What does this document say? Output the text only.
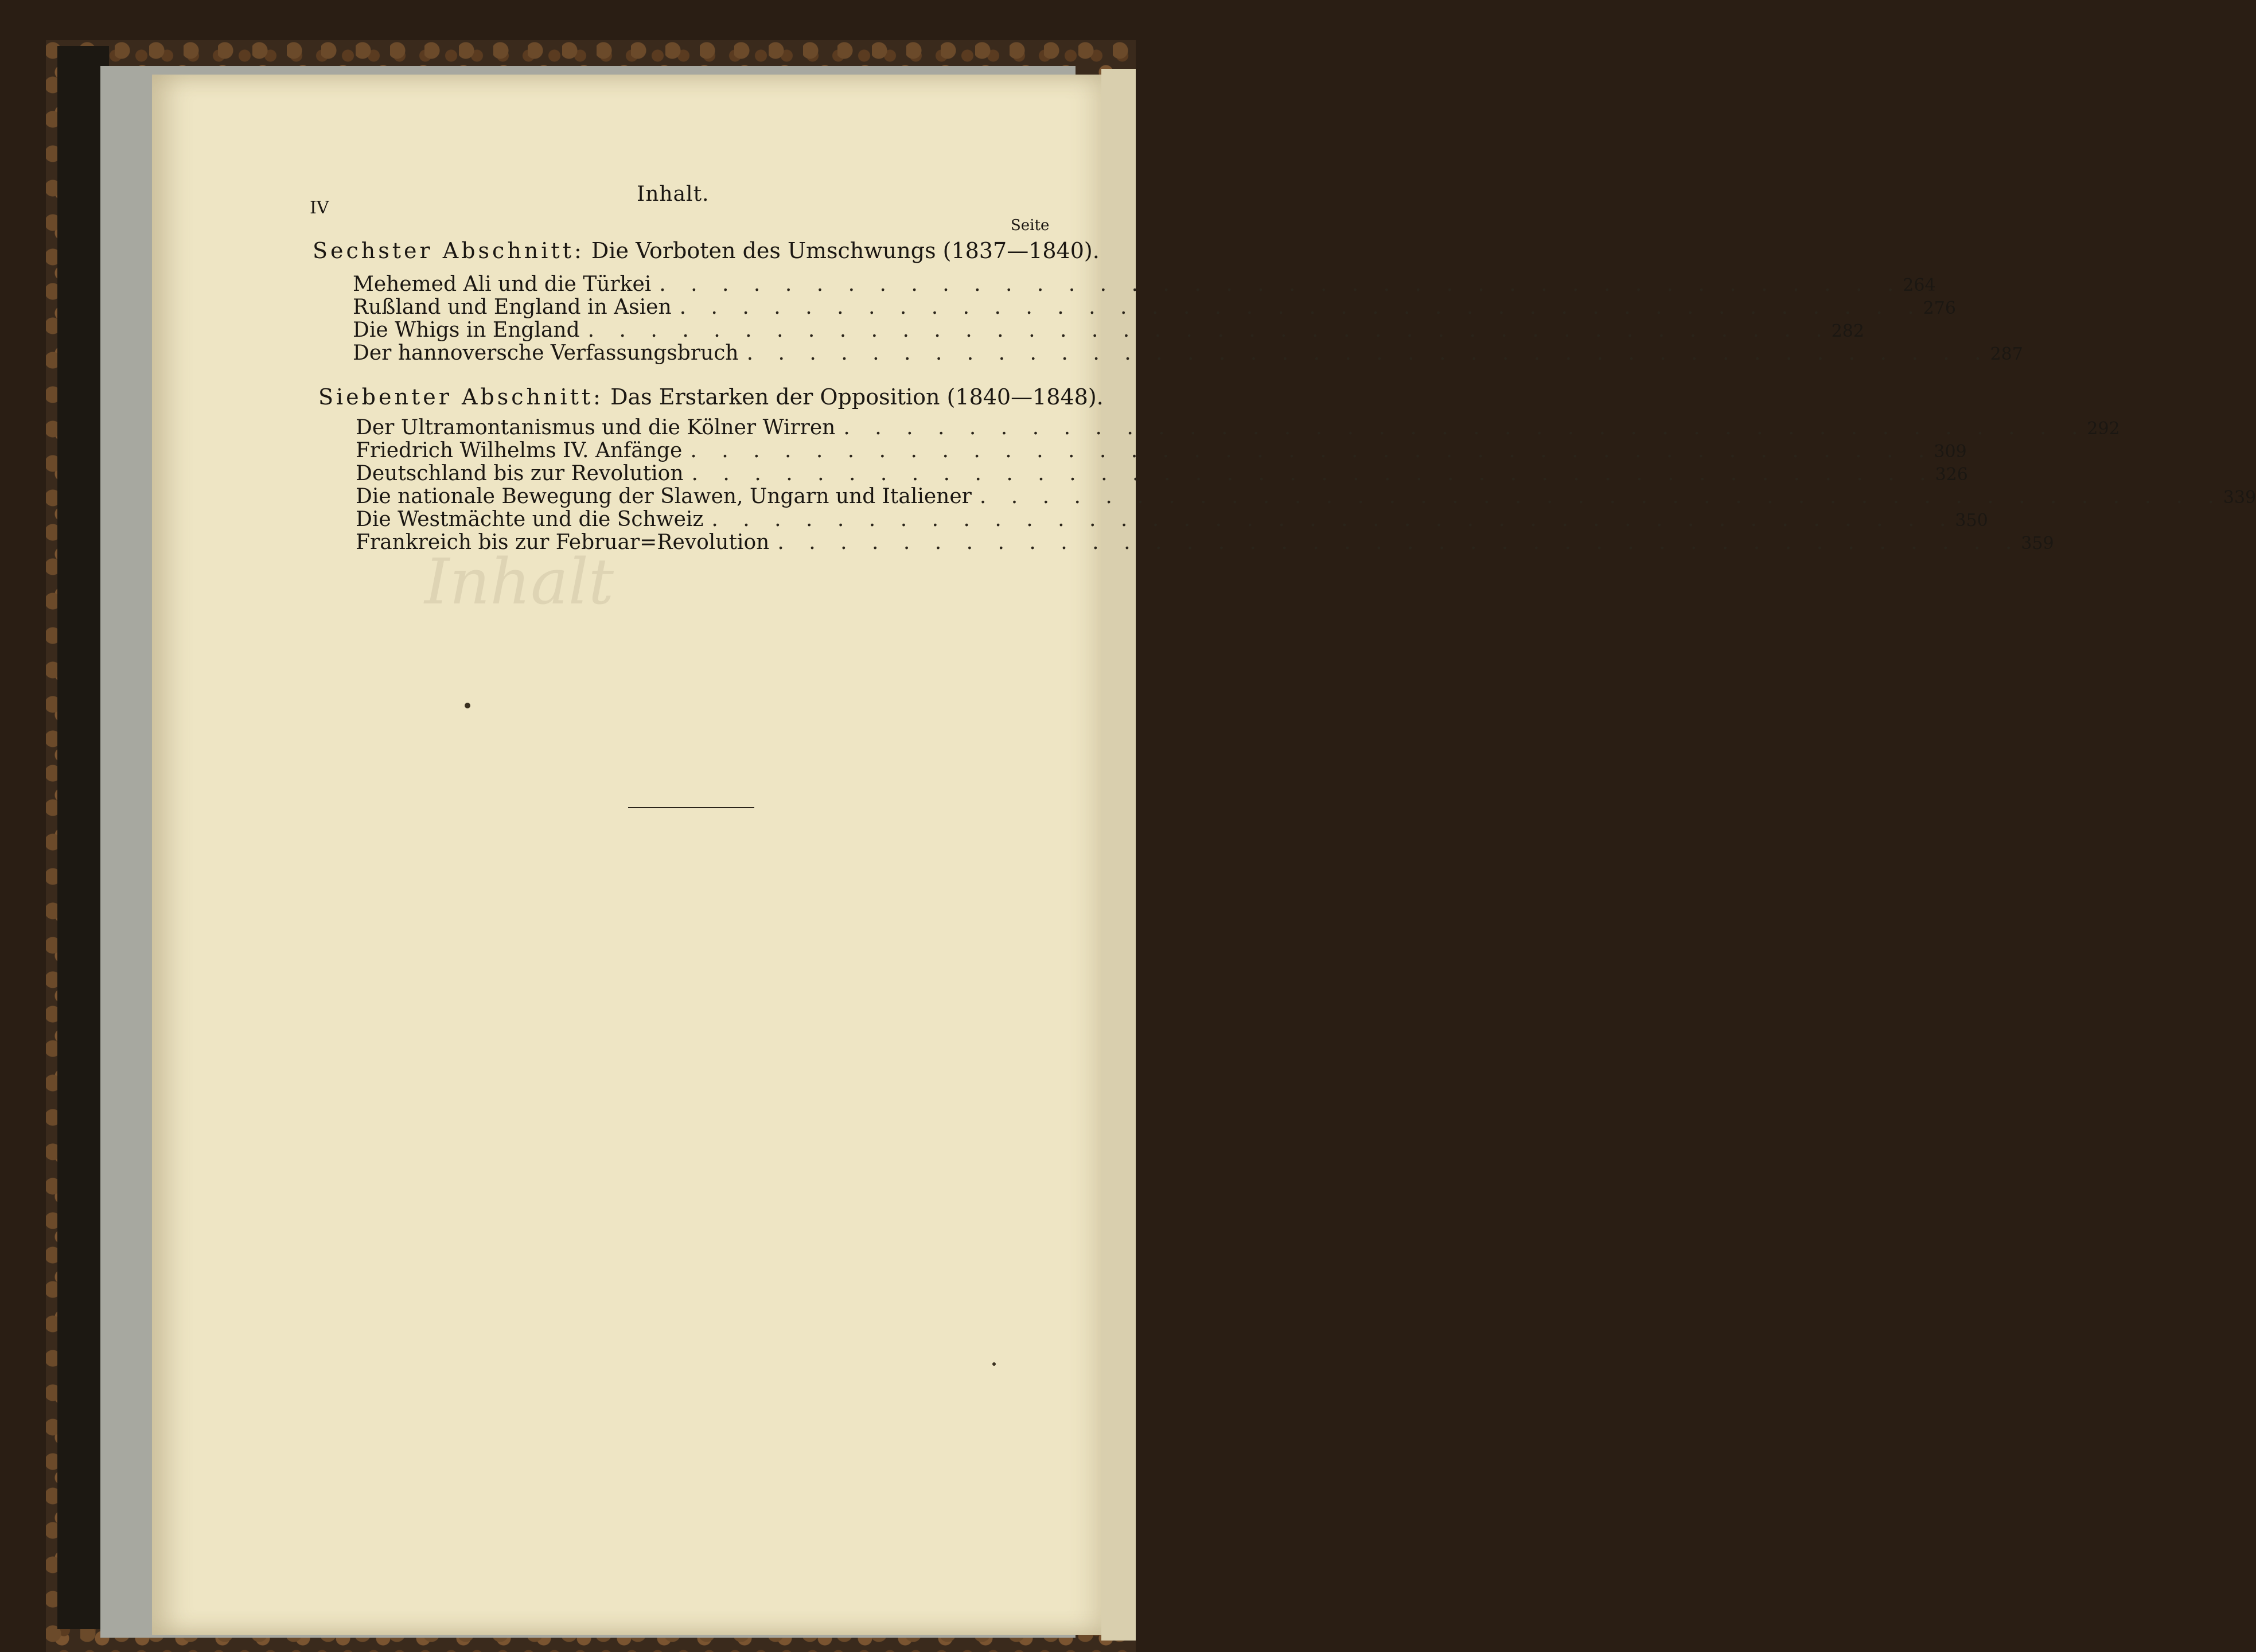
Inhalt
IV
Inhalt.
Seite
Sechster Abschnitt: Die Vorboten des Umschwungs (1837—1840).
Mehemed Ali und die Türkei . . . . . . . . . . . . . . . . . . . . . . . . . . . . . . . . . . . . . . . . 264
Rußland und England in Asien . . . . . . . . . . . . . . . . . . . . . . . . . . . . . . . . . . . . . . . . 276
Die Whigs in England . . . . . . . . . . . . . . . . . . . . . . . . . . . . . . . . . . . . . . . . 282
Der hannoversche Verfassungsbruch . . . . . . . . . . . . . . . . . . . . . . . . . . . . . . . . . . . . . . . . 287
Siebenter Abschnitt: Das Erstarken der Opposition (1840—1848).
Der Ultramontanismus und die Kölner Wirren . . . . . . . . . . . . . . . . . . . . . . . . . . . . . . . . . . . . . . . . 292
Friedrich Wilhelms IV. Anfänge . . . . . . . . . . . . . . . . . . . . . . . . . . . . . . . . . . . . . . . . 309
Deutschland bis zur Revolution . . . . . . . . . . . . . . . . . . . . . . . . . . . . . . . . . . . . . . . . 326
Die nationale Bewegung der Slawen, Ungarn und Italiener . . . . . . . . . . . . . . . . . . . . . . . . . . . . . . . . . . . . . . . . 339
Die Westmächte und die Schweiz . . . . . . . . . . . . . . . . . . . . . . . . . . . . . . . . . . . . . . . . 350
Frankreich bis zur Februar=Revolution . . . . . . . . . . . . . . . . . . . . . . . . . . . . . . . . . . . . . . . . 359
